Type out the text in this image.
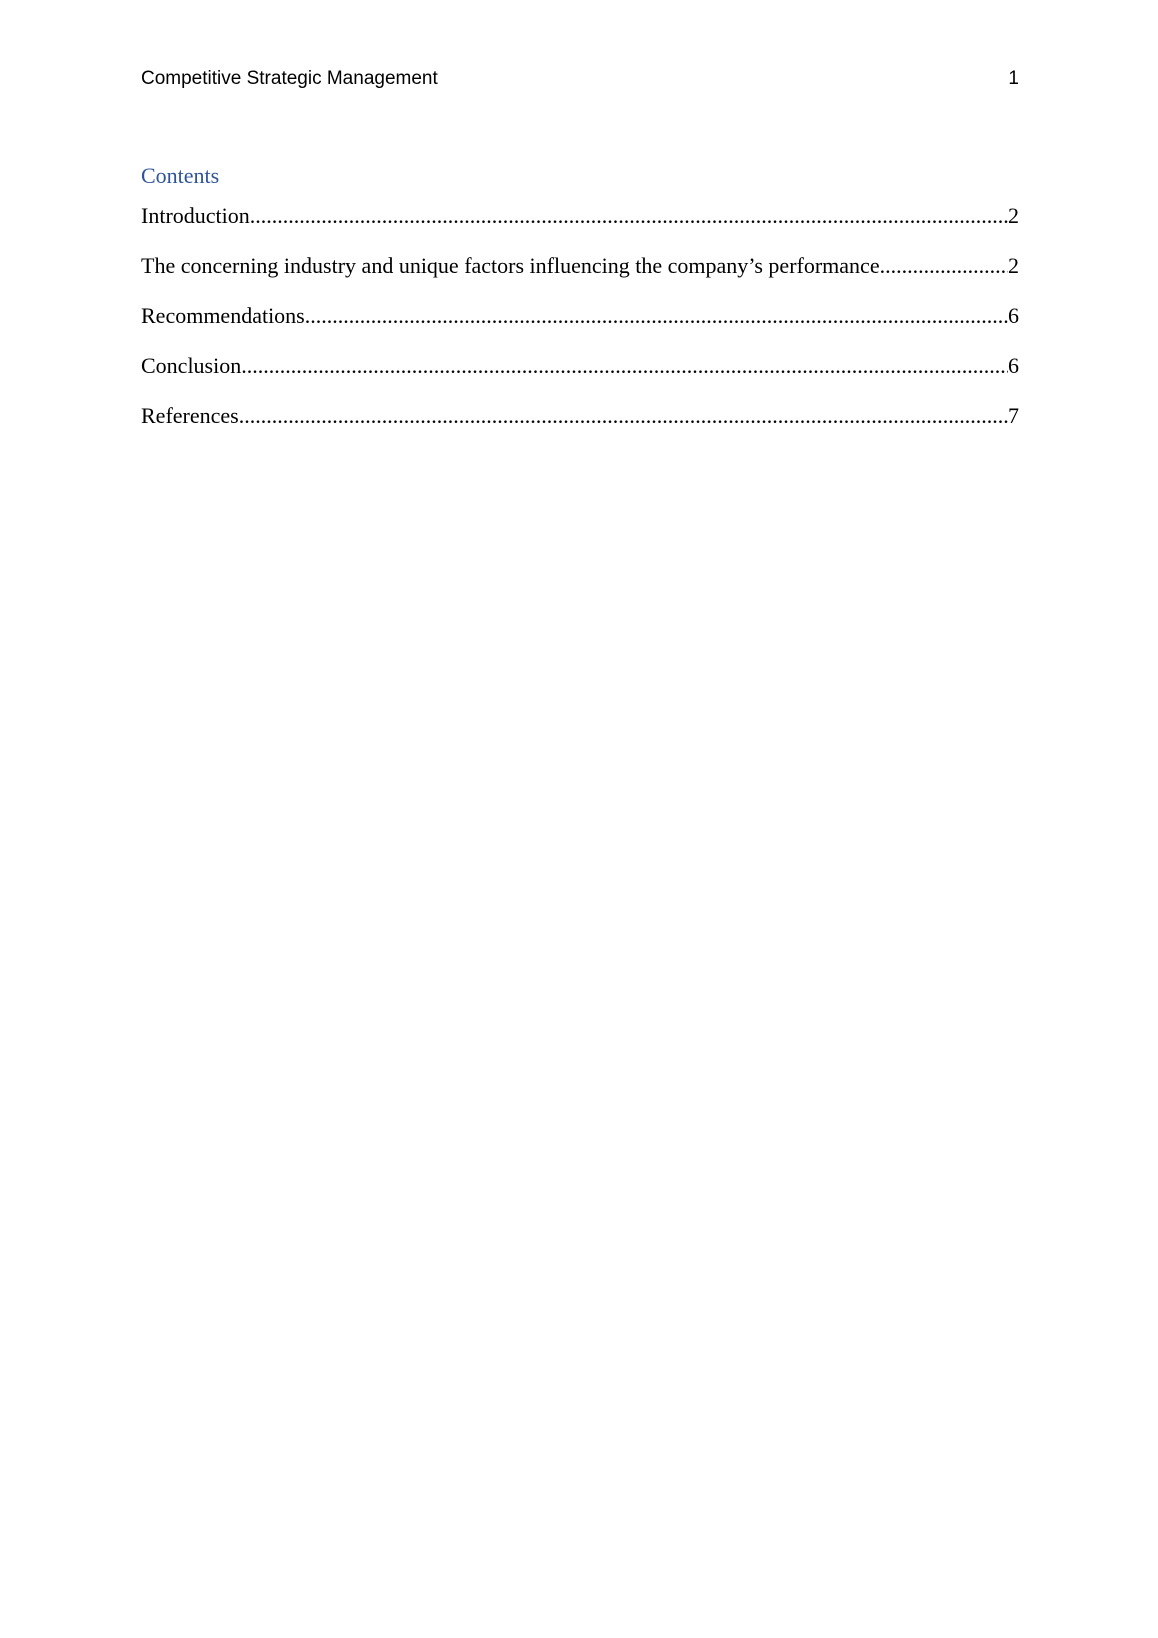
Competitive Strategic Management	1
Contents
Introduction .....	2
The concerning industry and unique factors influencing the company’s performance .....	2
Recommendations .....	6
Conclusion .....	6
References .....	7
